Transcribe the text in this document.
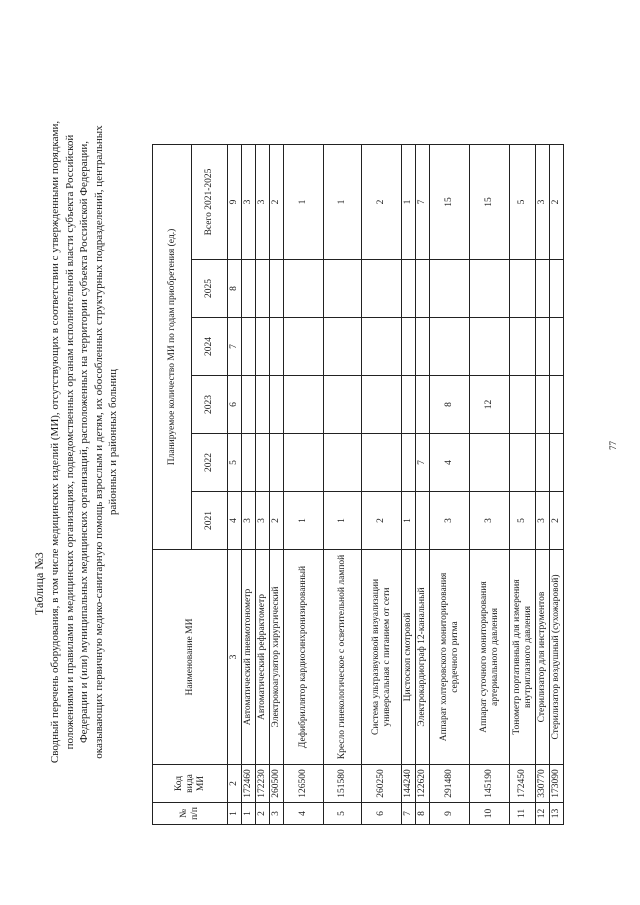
Таблица №3 Сводный перечень оборудования, в том числе медицинских изделий (МИ), отсутствующих в соответствии с утвержденными порядками, положениями и правилами в медицинских организациях, подведомственных органам исполнительной власти субъекта Российской Федерации и (или) муниципальных медицинских организаций, расположенных на территории субъекта Российской Федерации, оказывающих первичную медико-санитарную помощь взрослым и детям, их обособленных структурных подразделений, центральных районных и районных больниц
№ п/п	Код вида МИ	Наименование МИ	Планируемое количество МИ по годам приобретения (ед.)					
			2021	2022	2023	2024	2025	Всего 2021-2025
1	2	3	4	5	6	7	8	9
1	172460	Автоматический пневмотонометр	3					3
2	172230	Автоматический рефрактометр	3					3
3	260500	Электрокоагулятор хирургический	2					2
4	126500	Дефибриллятор кардиосинхронизированный	1					1
5	151580	Кресло гинекологическое с осветительной лампой	1					1
6	260250	Система ультразвуковой визуализации универсальная с питанием от сети	2					2
7	144240	Цистоскоп смотровой	1					1
8	122620	Электрокардиограф 12-канальный		7				7
9	291480	Аппарат холтеровского мониторирования сердечного ритма	3	4	8			15
10	145190	Аппарат суточного мониторирования артериального давления	3		12			15
11	172450	Тонометр портативный для измерения внутриглазного давления	5					5
12	330770	Стерилизатор для инструментов	3					3
13	173090	Стерилизатор воздушный (сухожаровой)	2					2
77
